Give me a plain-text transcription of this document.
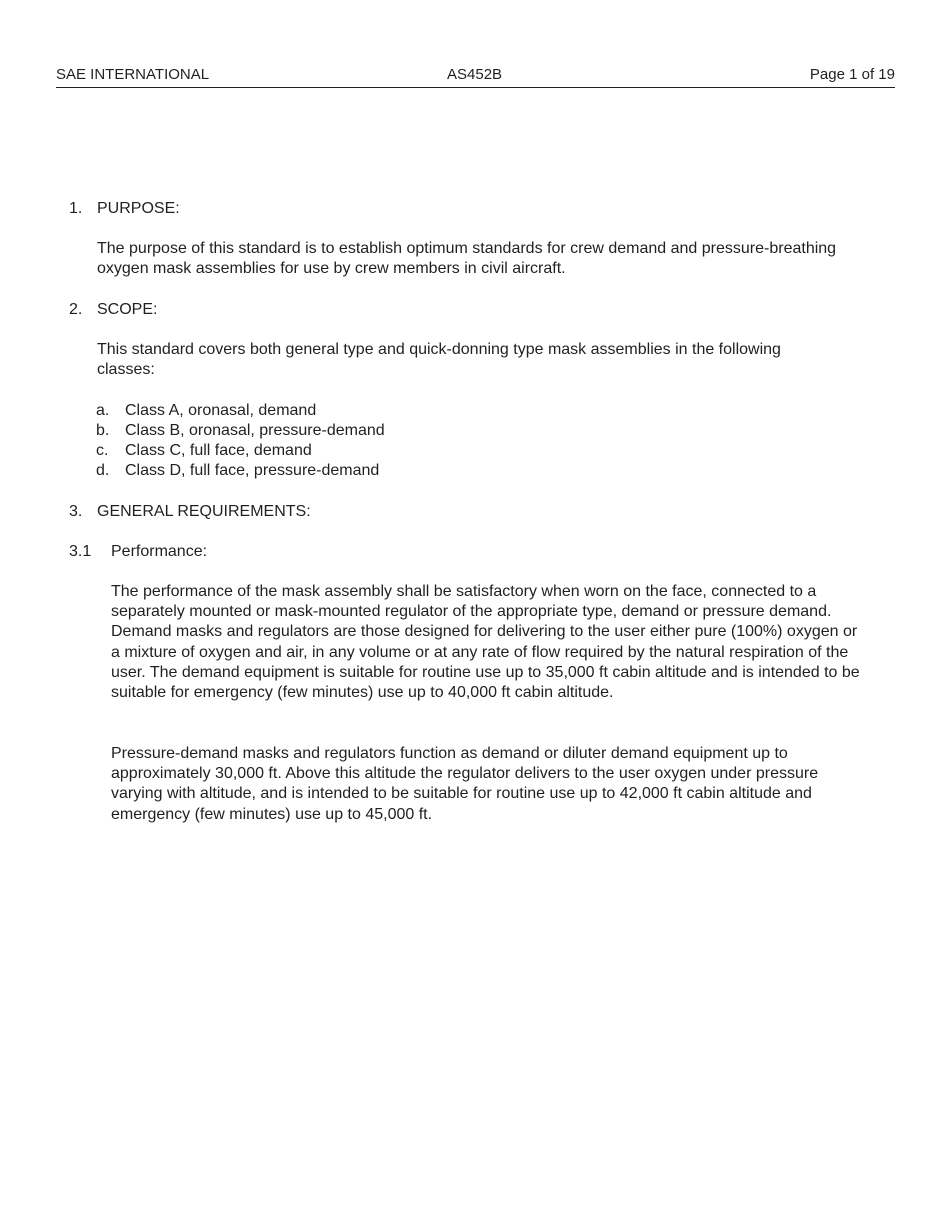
SAE INTERNATIONAL	AS452B	Page 1 of 19
1. PURPOSE:

The purpose of this standard is to establish optimum standards for crew demand and pressure-breathing oxygen mask assemblies for use by crew members in civil aircraft.

2. SCOPE:

This standard covers both general type and quick-donning type mask assemblies in the following classes:

a. Class A, oronasal, demand
b. Class B, oronasal, pressure-demand
c. Class C, full face, demand
d. Class D, full face, pressure-demand
3. GENERAL REQUIREMENTS:
3.1 Performance:

The performance of the mask assembly shall be satisfactory when worn on the face, connected to a separately mounted or mask-mounted regulator of the appropriate type, demand or pressure demand. Demand masks and regulators are those designed for delivering to the user either pure (100%) oxygen or a mixture of oxygen and air, in any volume or at any rate of flow required by the natural respiration of the user. The demand equipment is suitable for routine use up to 35,000 ft cabin altitude and is intended to be suitable for emergency (few minutes) use up to 40,000 ft cabin altitude.

Pressure-demand masks and regulators function as demand or diluter demand equipment up to approximately 30,000 ft. Above this altitude the regulator delivers to the user oxygen under pressure varying with altitude, and is intended to be suitable for routine use up to 42,000 ft cabin altitude and emergency (few minutes) use up to 45,000 ft.
